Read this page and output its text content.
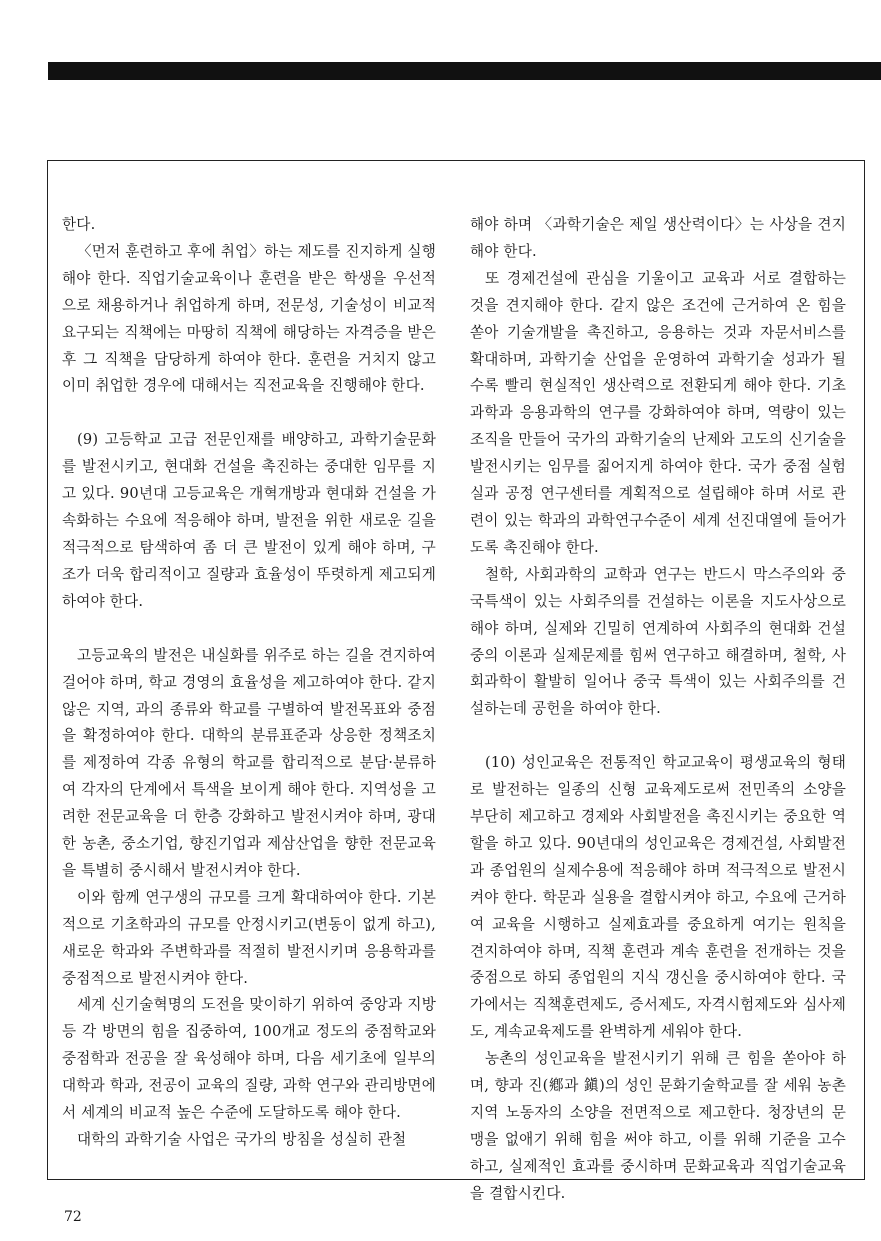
한다.

〈먼저 훈련하고 후에 취업〉하는 제도를 진지하게 실행해야 한다. 직업기술교육이나 훈련을 받은 학생을 우선적으로 채용하거나 취업하게 하며, 전문성, 기술성이 비교적 요구되는 직책에는 마땅히 직책에 해당하는 자격증을 받은 후 그 직책을 담당하게 하여야 한다. 훈련을 거치지 않고 이미 취업한 경우에 대해서는 직전교육을 진행해야 한다.

(9) 고등학교 고급 전문인재를 배양하고, 과학기술문화를 발전시키고, 현대화 건설을 촉진하는 중대한 임무를 지고 있다. 90년대 고등교육은 개혁개방과 현대화 건설을 가속화하는 수요에 적응해야 하며, 발전을 위한 새로운 길을 적극적으로 탐색하여 좀 더 큰 발전이 있게 해야 하며, 구조가 더욱 합리적이고 질량과 효율성이 뚜렷하게 제고되게 하여야 한다.

고등교육의 발전은 내실화를 위주로 하는 길을 견지하여 걸어야 하며, 학교 경영의 효율성을 제고하여야 한다. 같지 않은 지역, 과의 종류와 학교를 구별하여 발전목표와 중점을 확정하여야 한다. 대학의 분류표준과 상응한 정책조치를 제정하여 각종 유형의 학교를 합리적으로 분담·분류하여 각자의 단계에서 특색을 보이게 해야 한다. 지역성을 고려한 전문교육을 더 한층 강화하고 발전시켜야 하며, 광대한 농촌, 중소기업, 향진기업과 제삼산업을 향한 전문교육을 특별히 중시해서 발전시켜야 한다.

이와 함께 연구생의 규모를 크게 확대하여야 한다. 기본적으로 기초학과의 규모를 안정시키고(변동이 없게 하고), 새로운 학과와 주변학과를 적절히 발전시키며 응용학과를 중점적으로 발전시켜야 한다.

세계 신기술혁명의 도전을 맞이하기 위하여 중앙과 지방 등 각 방면의 힘을 집중하여, 100개교 정도의 중점학교와 중점학과 전공을 잘 육성해야 하며, 다음 세기초에 일부의 대학과 학과, 전공이 교육의 질량, 과학 연구와 관리방면에서 세계의 비교적 높은 수준에 도달하도록 해야 한다.

대학의 과학기술 사업은 국가의 방침을 성실히 관철

해야 하며 〈과학기술은 제일 생산력이다〉는 사상을 견지해야 한다.

또 경제건설에 관심을 기울이고 교육과 서로 결합하는 것을 견지해야 한다. 같지 않은 조건에 근거하여 온 힘을 쏟아 기술개발을 촉진하고, 응용하는 것과 자문서비스를 확대하며, 과학기술 산업을 운영하여 과학기술 성과가 될수록 빨리 현실적인 생산력으로 전환되게 해야 한다. 기초과학과 응용과학의 연구를 강화하여야 하며, 역량이 있는 조직을 만들어 국가의 과학기술의 난제와 고도의 신기술을 발전시키는 임무를 짊어지게 하여야 한다. 국가 중점 실험실과 공정 연구센터를 계획적으로 설립해야 하며 서로 관련이 있는 학과의 과학연구수준이 세계 선진대열에 들어가도록 촉진해야 한다.

철학, 사회과학의 교학과 연구는 반드시 막스주의와 중국특색이 있는 사회주의를 건설하는 이론을 지도사상으로 해야 하며, 실제와 긴밀히 연계하여 사회주의 현대화 건설중의 이론과 실제문제를 힘써 연구하고 해결하며, 철학, 사회과학이 활발히 일어나 중국 특색이 있는 사회주의를 건설하는데 공헌을 하여야 한다.

(10) 성인교육은 전통적인 학교교육이 평생교육의 형태로 발전하는 일종의 신형 교육제도로써 전민족의 소양을 부단히 제고하고 경제와 사회발전을 촉진시키는 중요한 역할을 하고 있다. 90년대의 성인교육은 경제건설, 사회발전과 종업원의 실제수용에 적응해야 하며 적극적으로 발전시켜야 한다. 학문과 실용을 결합시켜야 하고, 수요에 근거하여 교육을 시행하고 실제효과를 중요하게 여기는 원칙을 견지하여야 하며, 직책 훈련과 계속 훈련을 전개하는 것을 중점으로 하되 종업원의 지식 갱신을 중시하여야 한다. 국가에서는 직책훈련제도, 증서제도, 자격시험제도와 심사제도, 계속교육제도를 완벽하게 세워야 한다.

농촌의 성인교육을 발전시키기 위해 큰 힘을 쏟아야 하며, 향과 진(鄕과 鎭)의 성인 문화기술학교를 잘 세워 농촌 지역 노동자의 소양을 전면적으로 제고한다. 청장년의 문맹을 없애기 위해 힘을 써야 하고, 이를 위해 기준을 고수하고, 실제적인 효과를 중시하며 문화교육과 직업기술교육을 결합시킨다.

72
